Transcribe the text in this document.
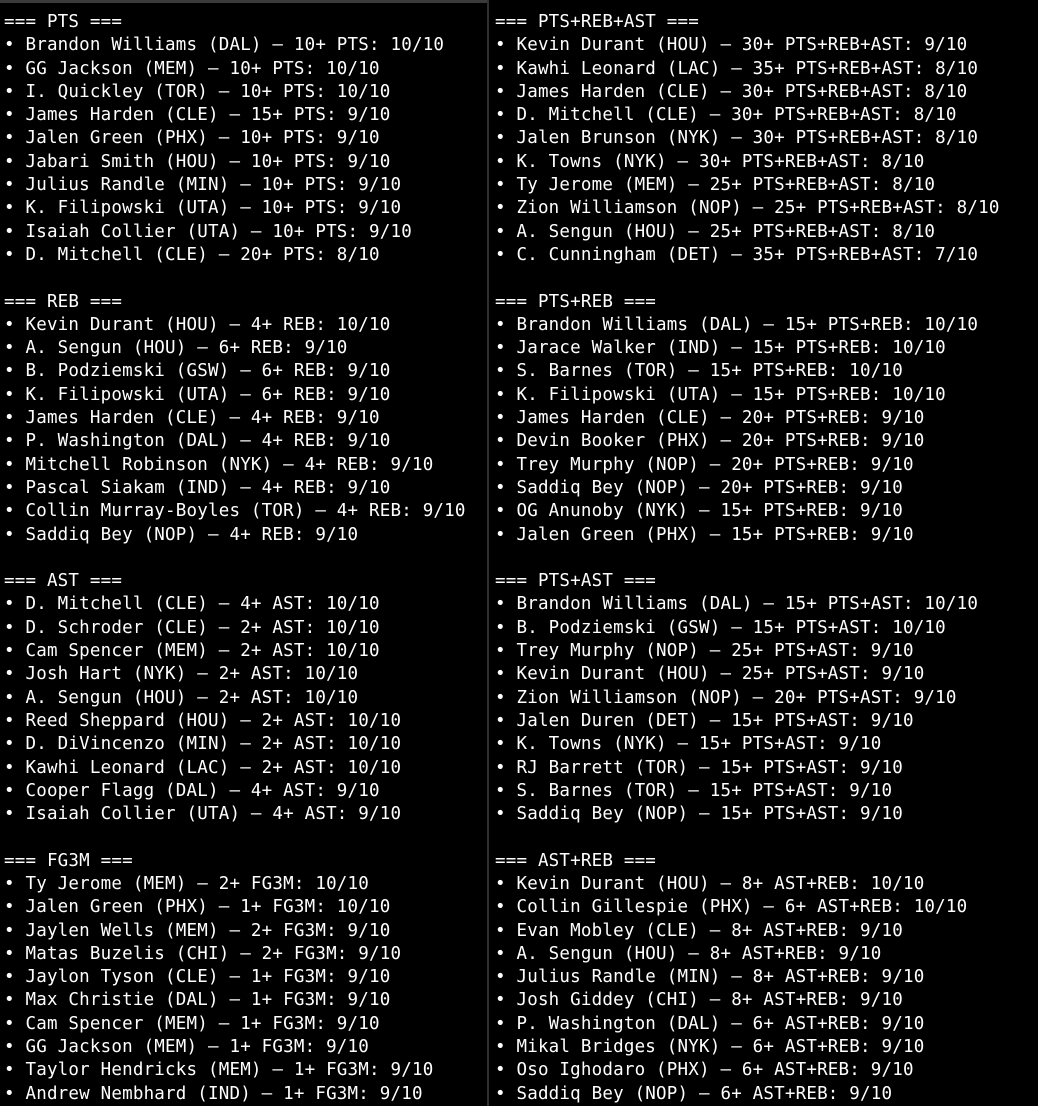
=== PTS ===
• Brandon Williams (DAL) – 10+ PTS: 10/10
• GG Jackson (MEM) – 10+ PTS: 10/10
• I. Quickley (TOR) – 10+ PTS: 10/10
• James Harden (CLE) – 15+ PTS: 9/10
• Jalen Green (PHX) – 10+ PTS: 9/10
• Jabari Smith (HOU) – 10+ PTS: 9/10
• Julius Randle (MIN) – 10+ PTS: 9/10
• K. Filipowski (UTA) – 10+ PTS: 9/10
• Isaiah Collier (UTA) – 10+ PTS: 9/10
• D. Mitchell (CLE) – 20+ PTS: 8/10
=== REB ===
• Kevin Durant (HOU) – 4+ REB: 10/10
• A. Sengun (HOU) – 6+ REB: 9/10
• B. Podziemski (GSW) – 6+ REB: 9/10
• K. Filipowski (UTA) – 6+ REB: 9/10
• James Harden (CLE) – 4+ REB: 9/10
• P. Washington (DAL) – 4+ REB: 9/10
• Mitchell Robinson (NYK) – 4+ REB: 9/10
• Pascal Siakam (IND) – 4+ REB: 9/10
• Collin Murray-Boyles (TOR) – 4+ REB: 9/10
• Saddiq Bey (NOP) – 4+ REB: 9/10
=== AST ===
• D. Mitchell (CLE) – 4+ AST: 10/10
• D. Schroder (CLE) – 2+ AST: 10/10
• Cam Spencer (MEM) – 2+ AST: 10/10
• Josh Hart (NYK) – 2+ AST: 10/10
• A. Sengun (HOU) – 2+ AST: 10/10
• Reed Sheppard (HOU) – 2+ AST: 10/10
• D. DiVincenzo (MIN) – 2+ AST: 10/10
• Kawhi Leonard (LAC) – 2+ AST: 10/10
• Cooper Flagg (DAL) – 4+ AST: 9/10
• Isaiah Collier (UTA) – 4+ AST: 9/10
=== FG3M ===
• Ty Jerome (MEM) – 2+ FG3M: 10/10
• Jalen Green (PHX) – 1+ FG3M: 10/10
• Jaylen Wells (MEM) – 2+ FG3M: 9/10
• Matas Buzelis (CHI) – 2+ FG3M: 9/10
• Jaylon Tyson (CLE) – 1+ FG3M: 9/10
• Max Christie (DAL) – 1+ FG3M: 9/10
• Cam Spencer (MEM) – 1+ FG3M: 9/10
• GG Jackson (MEM) – 1+ FG3M: 9/10
• Taylor Hendricks (MEM) – 1+ FG3M: 9/10
• Andrew Nembhard (IND) – 1+ FG3M: 9/10
=== PTS+REB+AST ===
• Kevin Durant (HOU) – 30+ PTS+REB+AST: 9/10
• Kawhi Leonard (LAC) – 35+ PTS+REB+AST: 8/10
• James Harden (CLE) – 30+ PTS+REB+AST: 8/10
• D. Mitchell (CLE) – 30+ PTS+REB+AST: 8/10
• Jalen Brunson (NYK) – 30+ PTS+REB+AST: 8/10
• K. Towns (NYK) – 30+ PTS+REB+AST: 8/10
• Ty Jerome (MEM) – 25+ PTS+REB+AST: 8/10
• Zion Williamson (NOP) – 25+ PTS+REB+AST: 8/10
• A. Sengun (HOU) – 25+ PTS+REB+AST: 8/10
• C. Cunningham (DET) – 35+ PTS+REB+AST: 7/10
=== PTS+REB ===
• Brandon Williams (DAL) – 15+ PTS+REB: 10/10
• Jarace Walker (IND) – 15+ PTS+REB: 10/10
• S. Barnes (TOR) – 15+ PTS+REB: 10/10
• K. Filipowski (UTA) – 15+ PTS+REB: 10/10
• James Harden (CLE) – 20+ PTS+REB: 9/10
• Devin Booker (PHX) – 20+ PTS+REB: 9/10
• Trey Murphy (NOP) – 20+ PTS+REB: 9/10
• Saddiq Bey (NOP) – 20+ PTS+REB: 9/10
• OG Anunoby (NYK) – 15+ PTS+REB: 9/10
• Jalen Green (PHX) – 15+ PTS+REB: 9/10
=== PTS+AST ===
• Brandon Williams (DAL) – 15+ PTS+AST: 10/10
• B. Podziemski (GSW) – 15+ PTS+AST: 10/10
• Trey Murphy (NOP) – 25+ PTS+AST: 9/10
• Kevin Durant (HOU) – 25+ PTS+AST: 9/10
• Zion Williamson (NOP) – 20+ PTS+AST: 9/10
• Jalen Duren (DET) – 15+ PTS+AST: 9/10
• K. Towns (NYK) – 15+ PTS+AST: 9/10
• RJ Barrett (TOR) – 15+ PTS+AST: 9/10
• S. Barnes (TOR) – 15+ PTS+AST: 9/10
• Saddiq Bey (NOP) – 15+ PTS+AST: 9/10
=== AST+REB ===
• Kevin Durant (HOU) – 8+ AST+REB: 10/10
• Collin Gillespie (PHX) – 6+ AST+REB: 10/10
• Evan Mobley (CLE) – 8+ AST+REB: 9/10
• A. Sengun (HOU) – 8+ AST+REB: 9/10
• Julius Randle (MIN) – 8+ AST+REB: 9/10
• Josh Giddey (CHI) – 8+ AST+REB: 9/10
• P. Washington (DAL) – 6+ AST+REB: 9/10
• Mikal Bridges (NYK) – 6+ AST+REB: 9/10
• Oso Ighodaro (PHX) – 6+ AST+REB: 9/10
• Saddiq Bey (NOP) – 6+ AST+REB: 9/10
